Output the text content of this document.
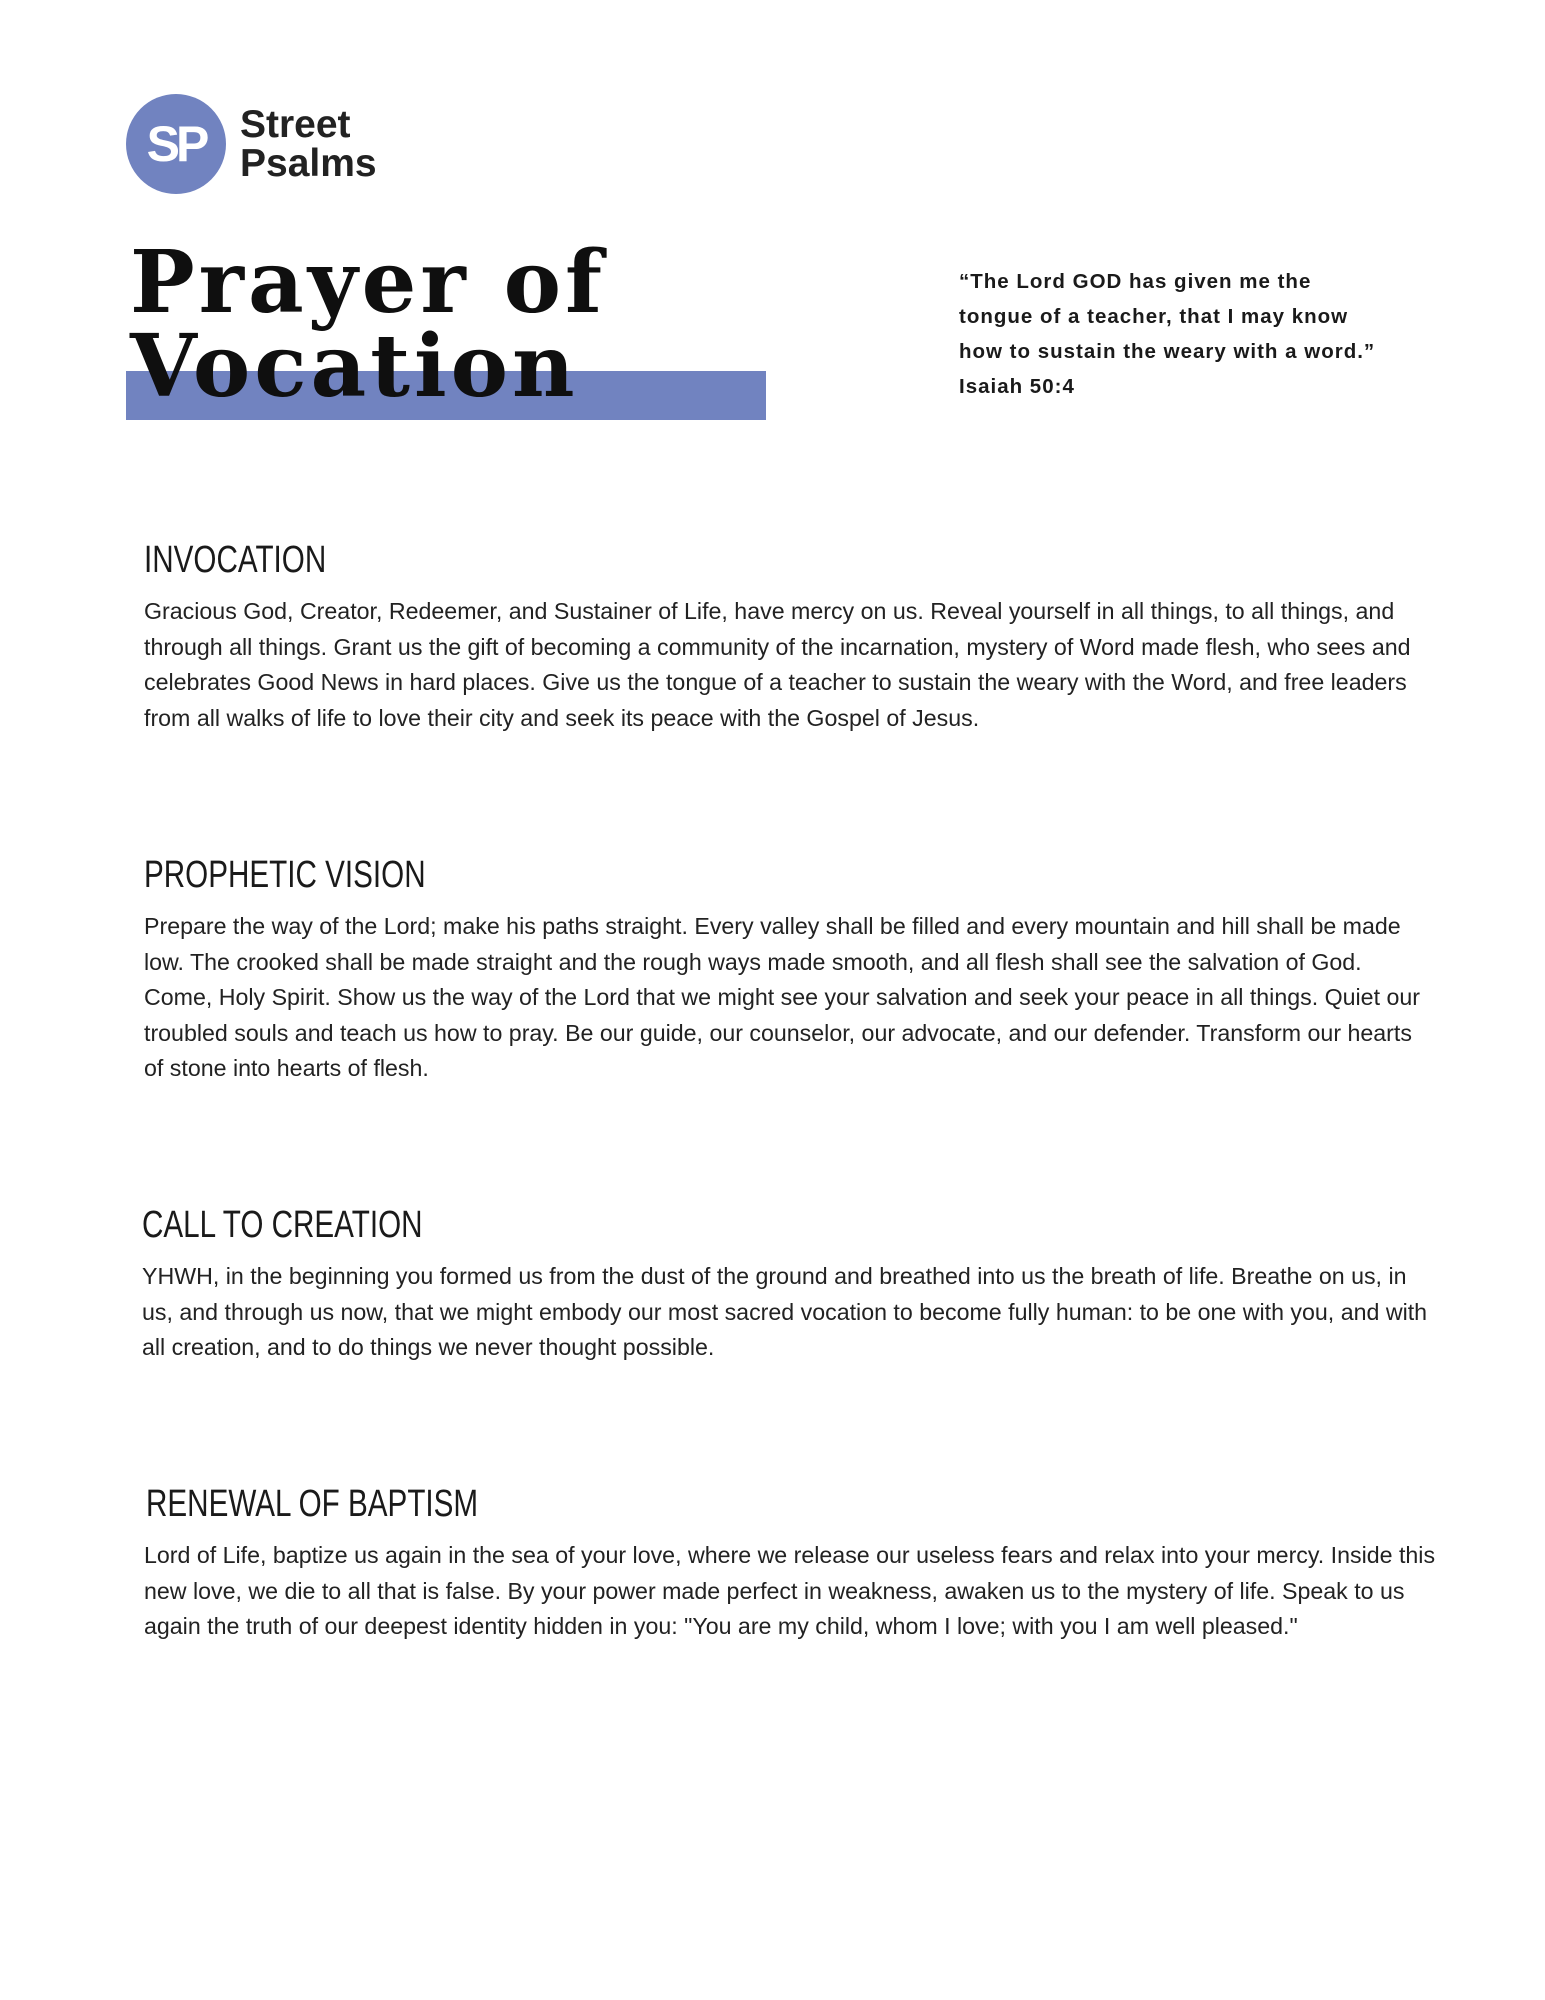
SP Street
Psalms
Prayer of
Vocation
“The Lord GOD has given me the
tongue of a teacher, that I may know
how to sustain the weary with a word.”
Isaiah 50:4
INVOCATION

Gracious God, Creator, Redeemer, and Sustainer of Life, have mercy on us. Reveal yourself in all things, to all things, and through all things. Grant us the gift of becoming a community of the incarnation, mystery of Word made flesh, who sees and celebrates Good News in hard places. Give us the tongue of a teacher to sustain the weary with the Word, and free leaders from all walks of life to love their city and seek its peace with the Gospel of Jesus.

PROPHETIC VISION

Prepare the way of the Lord; make his paths straight. Every valley shall be filled and every mountain and hill shall be made low. The crooked shall be made straight and the rough ways made smooth, and all flesh shall see the salvation of God. Come, Holy Spirit. Show us the way of the Lord that we might see your salvation and seek your peace in all things. Quiet our troubled souls and teach us how to pray. Be our guide, our counselor, our advocate, and our defender. Transform our hearts of stone into hearts of flesh.

CALL TO CREATION

YHWH, in the beginning you formed us from the dust of the ground and breathed into us the breath of life. Breathe on us, in us, and through us now, that we might embody our most sacred vocation to become fully human: to be one with you, and with all creation, and to do things we never thought possible.

RENEWAL OF BAPTISM

Lord of Life, baptize us again in the sea of your love, where we release our useless fears and relax into your mercy. Inside this new love, we die to all that is false. By your power made perfect in weakness, awaken us to the mystery of life. Speak to us again the truth of our deepest identity hidden in you: "You are my child, whom I love; with you I am well pleased."
